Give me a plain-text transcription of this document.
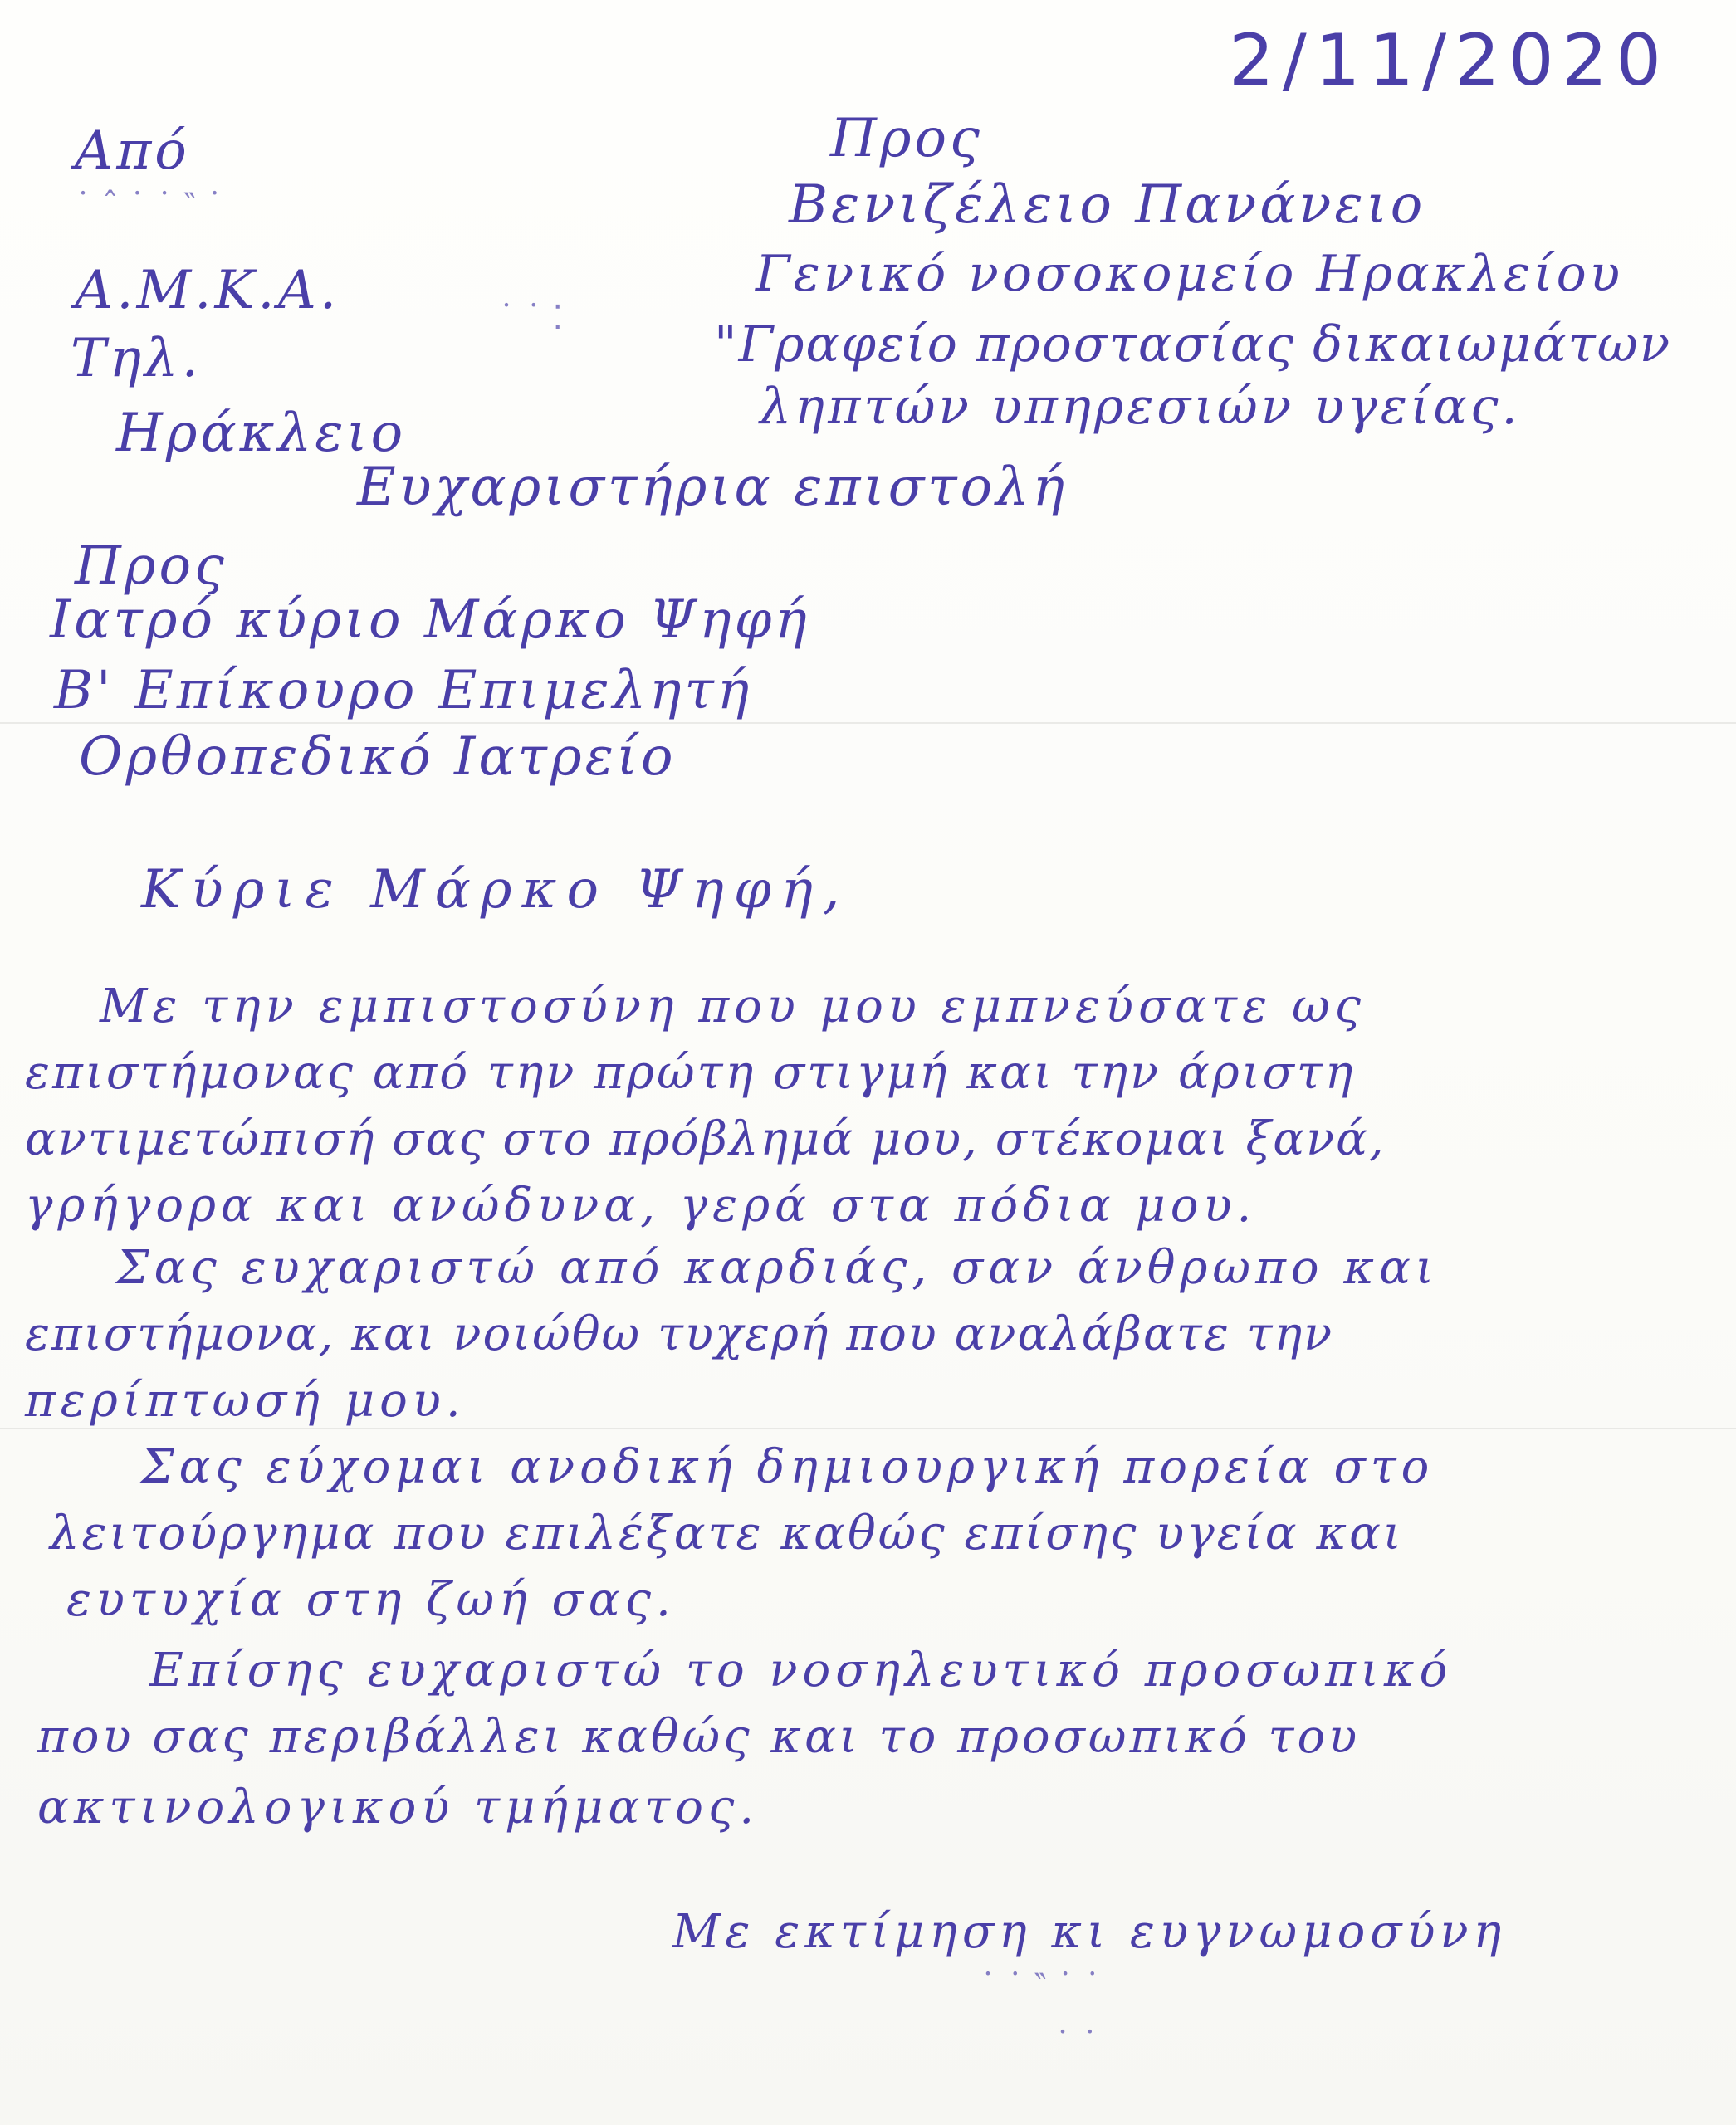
2/11/2020
Από
˙ ˆ ˙ ˙ ‶ ˙
Α.Μ.Κ.Α.
Τηλ.
˙ ˙ ⁚
Ηράκλειο
Προς
Βενιζέλειο Πανάνειο
Γενικό νοσοκομείο Ηρακλείου
"Γραφείο προστασίας δικαιωμάτων
ληπτών υπηρεσιών υγείας.
Ευχαριστήρια επιστολή
Προς
Ιατρό κύριο Μάρκο Ψηφή
Β' Επίκουρο Επιμελητή
Ορθοπεδικό Ιατρείο
Κύριε Μάρκο Ψηφή,
Με την εμπιστοσύνη που μου εμπνεύσατε ως
επιστήμονας από την πρώτη στιγμή και την άριστη
αντιμετώπισή σας στο πρόβλημά μου, στέκομαι ξανά,
γρήγορα και ανώδυνα, γερά στα πόδια μου.
Σας ευχαριστώ από καρδιάς, σαν άνθρωπο και
επιστήμονα, και νοιώθω τυχερή που αναλάβατε την
περίπτωσή μου.
Σας εύχομαι ανοδική δημιουργική πορεία στο
λειτούργημα που επιλέξατε καθώς επίσης υγεία και
ευτυχία στη ζωή σας.
Επίσης ευχαριστώ το νοσηλευτικό προσωπικό
που σας περιβάλλει καθώς και το προσωπικό του
ακτινολογικού τμήματος.
Με εκτίμηση κι ευγνωμοσύνη
˙ ˙ ‶ ˙ ˙
˙ ˙
